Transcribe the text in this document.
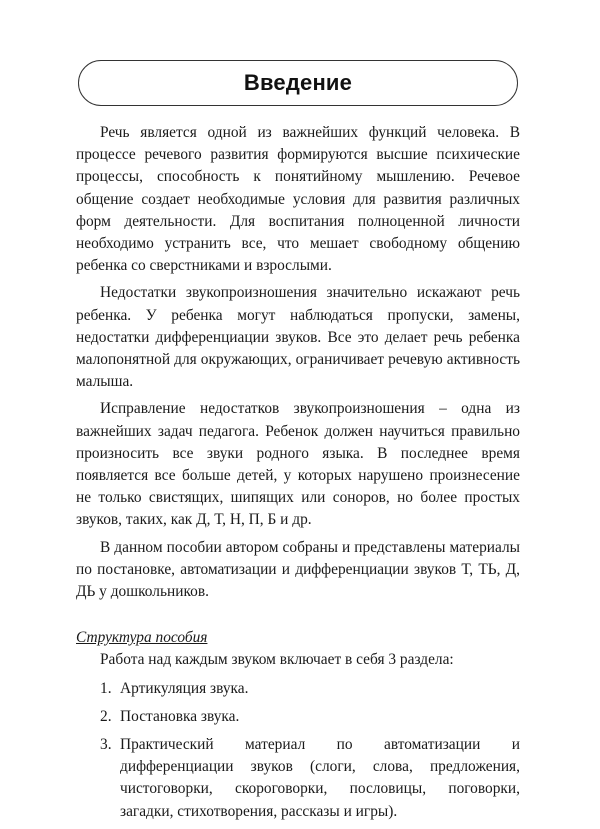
Введение

Речь является одной из важнейших функций человека. В процессе речевого развития формируются высшие психические процессы, способность к понятийному мышлению. Речевое общение создает необходимые условия для развития различных форм деятельности. Для воспитания полноценной личности необходимо устранить все, что мешает свободному общению ребенка со сверстниками и взрослыми.

Недостатки звукопроизношения значительно искажают речь ребенка. У ребенка могут наблюдаться пропуски, замены, недостатки дифференциации звуков. Все это делает речь ребенка малопонятной для окружающих, ограничивает речевую активность малыша.

Исправление недостатков звукопроизношения – одна из важнейших задач педагога. Ребенок должен научиться правильно произносить все звуки родного языка. В последнее время появляется все больше детей, у которых нарушено произнесение не только свистящих, шипящих или соноров, но более простых звуков, таких, как Д, Т, Н, П, Б и др.

В данном пособии автором собраны и представлены материалы по постановке, автоматизации и дифференциации звуков Т, ТЬ, Д, ДЬ у дошкольников.

Структура пособия

Работа над каждым звуком включает в себя 3 раздела:

1. Артикуляция звука.
2. Постановка звука.
3. Практический материал по автоматизации и дифференциации звуков (слоги, слова, предложения, чистоговорки, скороговорки, пословицы, поговорки, загадки, стихотворения, рассказы и игры).
